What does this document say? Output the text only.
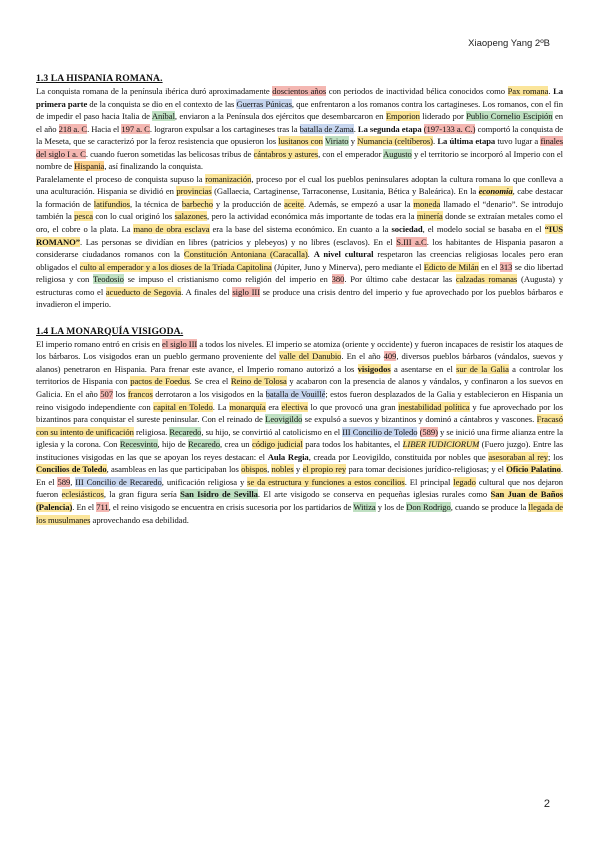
Xiaopeng Yang 2ºB
1.3 LA HISPANIA ROMANA.

La conquista romana de la península ibérica duró aproximadamente doscientos años con periodos de inactividad bélica conocidos como Pax romana. La primera parte de la conquista se dio en el contexto de las Guerras Púnicas, que enfrentaron a los romanos contra los cartagineses. Los romanos, con el fin de impedir el paso hacia Italia de Aníbal, enviaron a la Península dos ejércitos que desembarcaron en Emporion liderado por Publio Cornelio Escipión en el año 218 a. C. Hacia el 197 a. C. lograron expulsar a los cartagineses tras la batalla de Zama. La segunda etapa (197-133 a. C.) comportó la conquista de la Meseta, que se caracterizó por la feroz resistencia que opusieron los lusitanos con Viriato y Numancia (celtíberos). La última etapa tuvo lugar a finales del siglo I a. C. cuando fueron sometidas las belicosas tribus de cántabros y astures, con el emperador Augusto y el territorio se incorporó al Imperio con el nombre de Hispania, así finalizando la conquista.

Paralelamente el proceso de conquista supuso la romanización, proceso por el cual los pueblos peninsulares adoptan la cultura romana lo que conlleva a una aculturación. Hispania se dividió en provincias (Gallaecia, Cartaginense, Tarraconense, Lusitania, Bética y Baleárica). En la economía, cabe destacar la formación de latifundios, la técnica de barbecho y la producción de aceite. Además, se empezó a usar la moneda llamado el “denario”. Se introdujo también la pesca con lo cual originó los salazones, pero la actividad económica más importante de todas era la minería donde se extraían metales como el oro, el cobre o la plata. La mano de obra esclava era la base del sistema económico. En cuanto a la sociedad, el modelo social se basaba en el “IUS ROMANO”. Las personas se dividían en libres (patricios y plebeyos) y no libres (esclavos). En el S.III a.C. los habitantes de Hispania pasaron a considerarse ciudadanos romanos con la Constitución Antoniana (Caracalla). A nivel cultural respetaron las creencias religiosas locales pero eran obligados el culto al emperador y a los dioses de la Tríada Capitolina (Júpiter, Juno y Minerva), pero mediante el Edicto de Milán en el 313 se dio libertad religiosa y con Teodosio se impuso el cristianismo como religión del imperio en 380. Por último cabe destacar las calzadas romanas (Augusta) y estructuras como el acueducto de Segovia. A finales del siglo III se produce una crisis dentro del imperio y fue aprovechado por los pueblos bárbaros e invadieron el imperio.

1.4 LA MONARQUÍA VISIGODA.

El imperio romano entró en crisis en el siglo III a todos los niveles. El imperio se atomiza (oriente y occidente) y fueron incapaces de resistir los ataques de los bárbaros. Los visigodos eran un pueblo germano proveniente del valle del Danubio. En el año 409, diversos pueblos bárbaros (vándalos, suevos y alanos) penetraron en Hispania. Para frenar este avance, el Imperio romano autorizó a los visigodos a asentarse en el sur de la Galia a controlar los territorios de Hispania con pactos de Foedus. Se crea el Reino de Tolosa y acabaron con la presencia de alanos y vándalos, y confinaron a los suevos en Galicia. En el año 507 los francos derrotaron a los visigodos en la batalla de Vouillé; estos fueron desplazados de la Galia y establecieron en Hispania un reino visigodo independiente con capital en Toledo. La monarquía era electiva lo que provocó una gran inestabilidad política y fue aprovechado por los bizantinos para conquistar el sureste peninsular. Con el reinado de Leovigildo se expulsó a suevos y bizantinos y dominó a cántabros y vascones. Fracasó con su intento de unificación religiosa. Recaredo, su hijo, se convirtió al catolicismo en el III Concilio de Toledo (589) y se inició una firme alianza entre la iglesia y la corona. Con Recesvinto, hijo de Recaredo, crea un código judicial para todos los habitantes, el LIBER IUDICIORUM (Fuero juzgo). Entre las instituciones visigodas en las que se apoyan los reyes destacan: el Aula Regia, creada por Leovigildo, constituida por nobles que asesoraban al rey; los Concilios de Toledo, asambleas en las que participaban los obispos, nobles y el propio rey para tomar decisiones jurídico-religiosas; y el Oficio Palatino. En el 589, III Concilio de Recaredo, unificación religiosa y se da estructura y funciones a estos concilios. El principal legado cultural que nos dejaron fueron eclesiásticos, la gran figura sería San Isidro de Sevilla. El arte visigodo se conserva en pequeñas iglesias rurales como San Juan de Baños (Palencia). En el 711, el reino visigodo se encuentra en crisis sucesoria por los partidarios de Witiza y los de Don Rodrigo, cuando se produce la llegada de los musulmanes aprovechando esa debilidad.

2
